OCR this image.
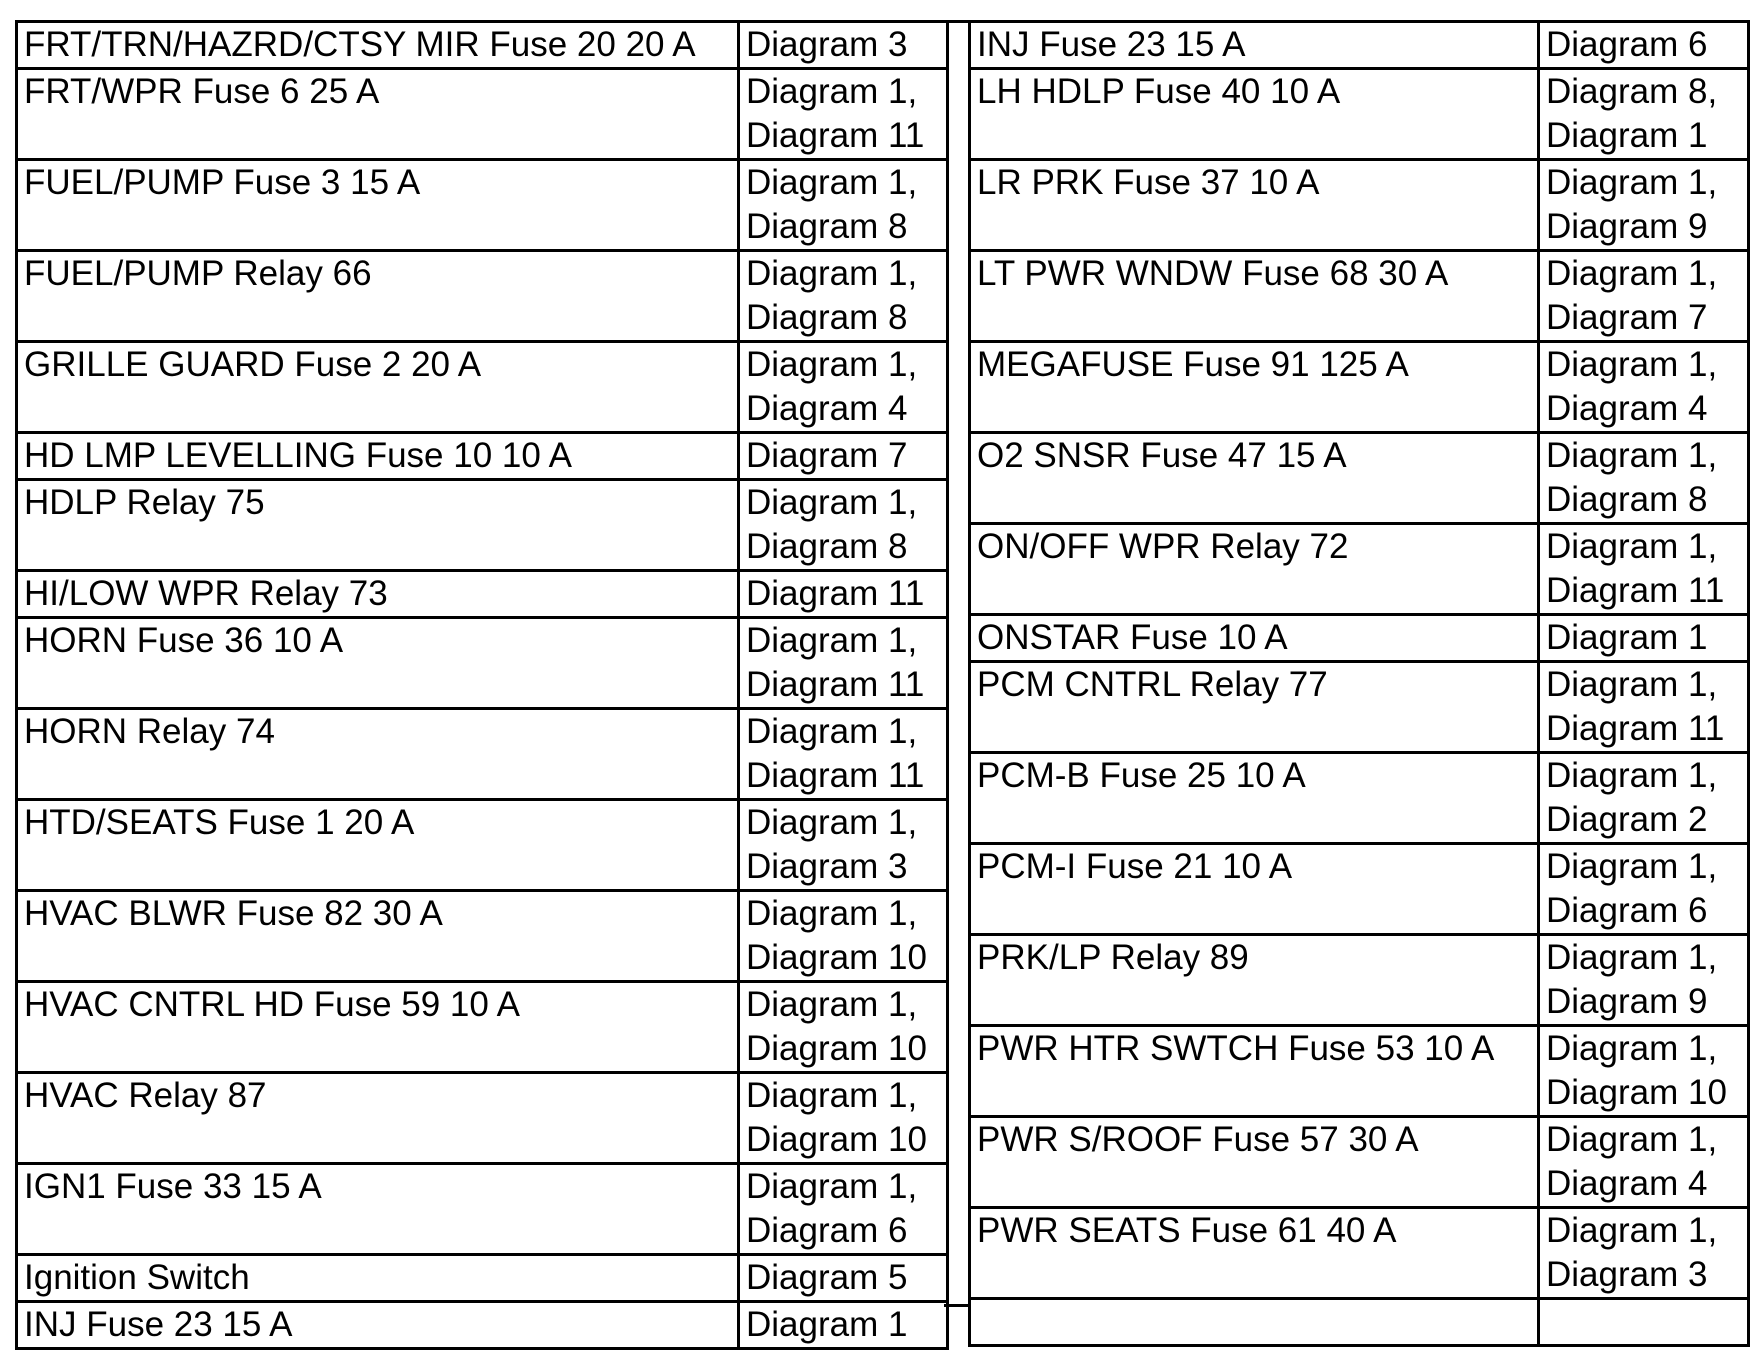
FRT/TRN/HAZRD/CTSY MIR Fuse 20 20 A	Diagram 3
FRT/WPR Fuse 6 25 A	Diagram 1,
Diagram 11
FUEL/PUMP Fuse 3 15 A	Diagram 1,
Diagram 8
FUEL/PUMP Relay 66	Diagram 1,
Diagram 8
GRILLE GUARD Fuse 2 20 A	Diagram 1,
Diagram 4
HD LMP LEVELLING Fuse 10 10 A	Diagram 7
HDLP Relay 75	Diagram 1,
Diagram 8
HI/LOW WPR Relay 73	Diagram 11
HORN Fuse 36 10 A	Diagram 1,
Diagram 11
HORN Relay 74	Diagram 1,
Diagram 11
HTD/SEATS Fuse 1 20 A	Diagram 1,
Diagram 3
HVAC BLWR Fuse 82 30 A	Diagram 1,
Diagram 10
HVAC CNTRL HD Fuse 59 10 A	Diagram 1,
Diagram 10
HVAC Relay 87	Diagram 1,
Diagram 10
IGN1 Fuse 33 15 A	Diagram 1,
Diagram 6
Ignition Switch	Diagram 5
INJ Fuse 23 15 A	Diagram 1
INJ Fuse 23 15 A	Diagram 6
LH HDLP Fuse 40 10 A	Diagram 8,
Diagram 1
LR PRK Fuse 37 10 A	Diagram 1,
Diagram 9
LT PWR WNDW Fuse 68 30 A	Diagram 1,
Diagram 7
MEGAFUSE Fuse 91 125 A	Diagram 1,
Diagram 4
O2 SNSR Fuse 47 15 A	Diagram 1,
Diagram 8
ON/OFF WPR Relay 72	Diagram 1,
Diagram 11
ONSTAR Fuse 10 A	Diagram 1
PCM CNTRL Relay 77	Diagram 1,
Diagram 11
PCM-B Fuse 25 10 A	Diagram 1,
Diagram 2
PCM-I Fuse 21 10 A	Diagram 1,
Diagram 6
PRK/LP Relay 89	Diagram 1,
Diagram 9
PWR HTR SWTCH Fuse 53 10 A	Diagram 1,
Diagram 10
PWR S/ROOF Fuse 57 30 A	Diagram 1,
Diagram 4
PWR SEATS Fuse 61 40 A	Diagram 1,
Diagram 3
